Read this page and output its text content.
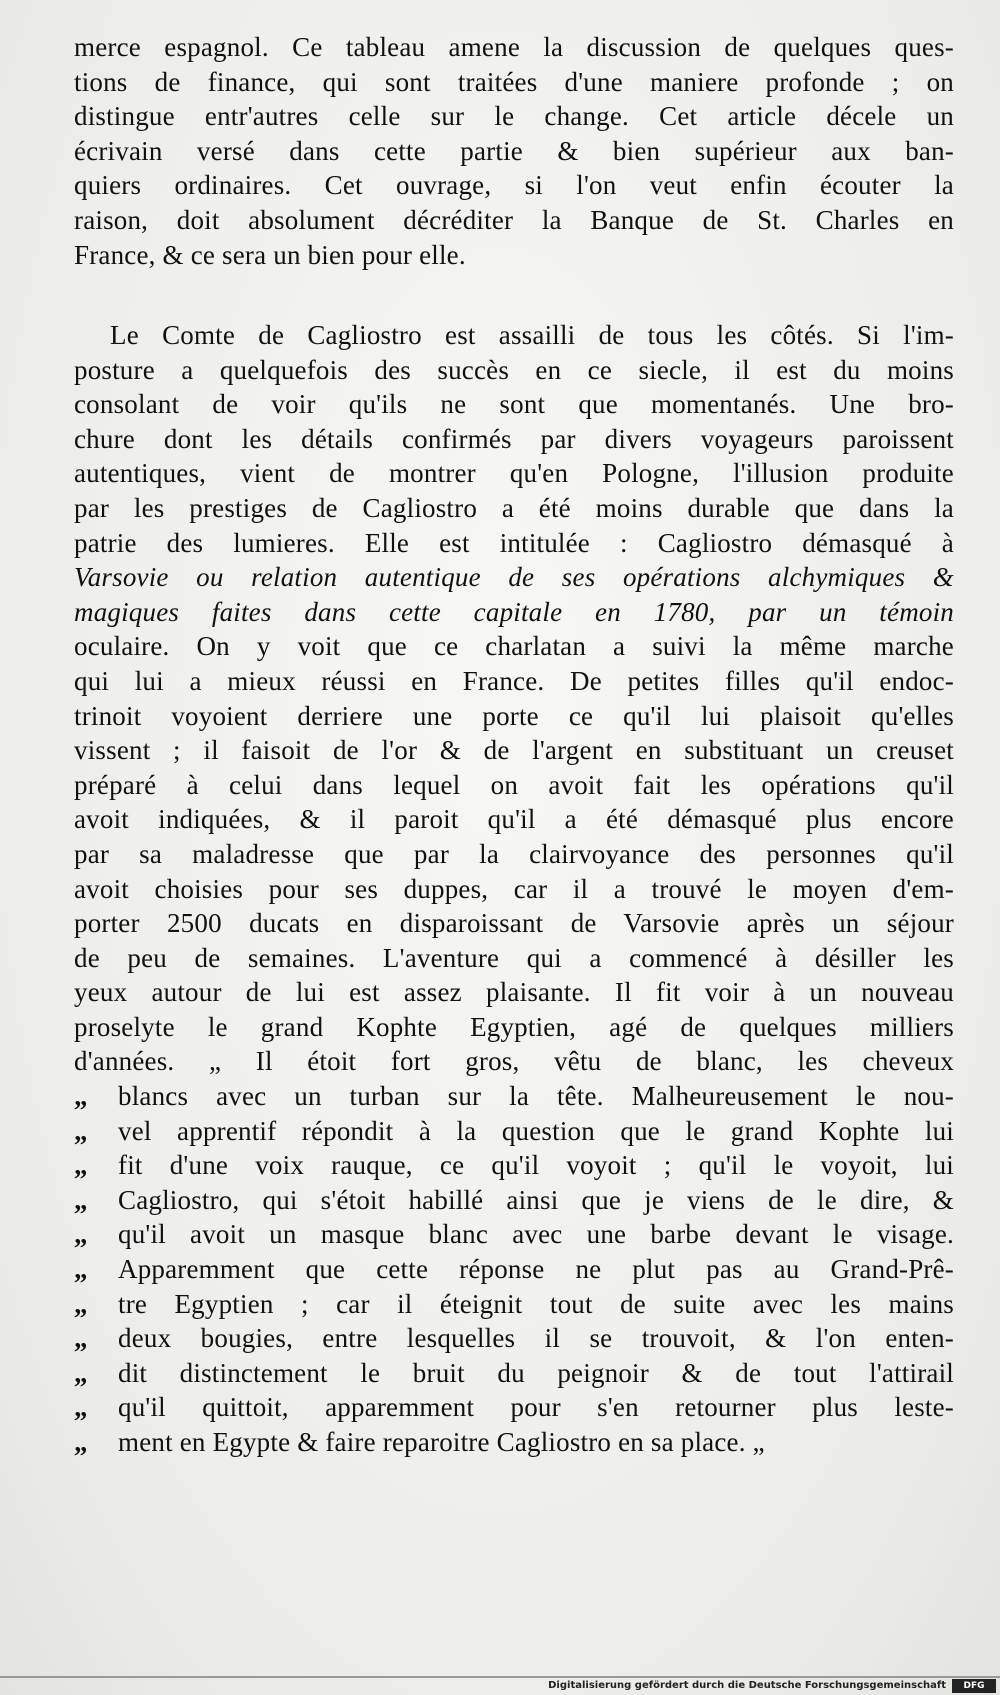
merce espagnol. Ce tableau amene la discussion de quelques ques-
tions de finance, qui sont traitées d'une maniere profonde ; on
distingue entr'autres celle sur le change. Cet article décele un
écrivain versé dans cette partie & bien supérieur aux ban-
quiers ordinaires. Cet ouvrage, si l'on veut enfin écouter la
raison, doit absolument décréditer la Banque de St. Charles en
France, & ce sera un bien pour elle.
Le Comte de Cagliostro est assailli de tous les côtés. Si l'im-
posture a quelquefois des succès en ce siecle, il est du moins
consolant de voir qu'ils ne sont que momentanés. Une bro-
chure dont les détails confirmés par divers voyageurs paroissent
autentiques, vient de montrer qu'en Pologne, l'illusion produite
par les prestiges de Cagliostro a été moins durable que dans la
patrie des lumieres. Elle est intitulée : Cagliostro démasqué à
Varsovie ou relation autentique de ses opérations alchymiques &
magiques faites dans cette capitale en 1780, par un témoin
oculaire. On y voit que ce charlatan a suivi la même marche
qui lui a mieux réussi en France. De petites filles qu'il endoc-
trinoit voyoient derriere une porte ce qu'il lui plaisoit qu'elles
vissent ; il faisoit de l'or & de l'argent en substituant un creuset
préparé à celui dans lequel on avoit fait les opérations qu'il
avoit indiquées, & il paroit qu'il a été démasqué plus encore
par sa maladresse que par la clairvoyance des personnes qu'il
avoit choisies pour ses duppes, car il a trouvé le moyen d'em-
porter 2500 ducats en disparoissant de Varsovie après un séjour
de peu de semaines. L'aventure qui a commencé à désiller les
yeux autour de lui est assez plaisante. Il fit voir à un nouveau
proselyte le grand Kophte Egyptien, agé de quelques milliers
d'années. „ Il étoit fort gros, vêtu de blanc, les cheveux
„ blancs avec un turban sur la tête. Malheureusement le nou-
„ vel apprentif répondit à la question que le grand Kophte lui
„ fit d'une voix rauque, ce qu'il voyoit ; qu'il le voyoit, lui
„ Cagliostro, qui s'étoit habillé ainsi que je viens de le dire, &
„ qu'il avoit un masque blanc avec une barbe devant le visage.
„ Apparemment que cette réponse ne plut pas au Grand-Prê-
„ tre Egyptien ; car il éteignit tout de suite avec les mains
„ deux bougies, entre lesquelles il se trouvoit, & l'on enten-
„ dit distinctement le bruit du peignoir & de tout l'attirail
„ qu'il quittoit, apparemment pour s'en retourner plus leste-
„ ment en Egypte & faire reparoitre Cagliostro en sa place. „
Digitalisierung gefördert durch die Deutsche Forschungsgemeinschaft	DFG
